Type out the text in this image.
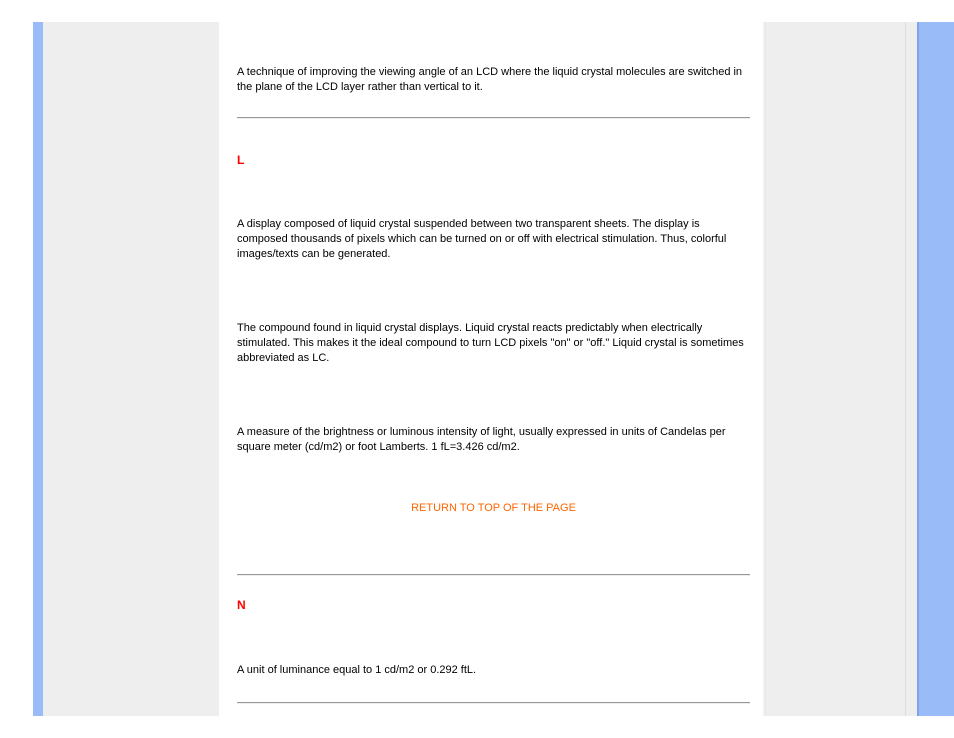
A technique of improving the viewing angle of an LCD where the liquid crystal molecules are switched in the plane of the LCD layer rather than vertical to it.

L

A display composed of liquid crystal suspended between two transparent sheets. The display is composed thousands of pixels which can be turned on or off with electrical stimulation. Thus, colorful images/texts can be generated.

The compound found in liquid crystal displays. Liquid crystal reacts predictably when electrically stimulated. This makes it the ideal compound to turn LCD pixels "on" or "off." Liquid crystal is sometimes abbreviated as LC.

A measure of the brightness or luminous intensity of light, usually expressed in units of Candelas per square meter (cd/m2) or foot Lamberts. 1 fL=3.426 cd/m2.

RETURN TO TOP OF THE PAGE

N

A unit of luminance equal to 1 cd/m2 or 0.292 ftL.
